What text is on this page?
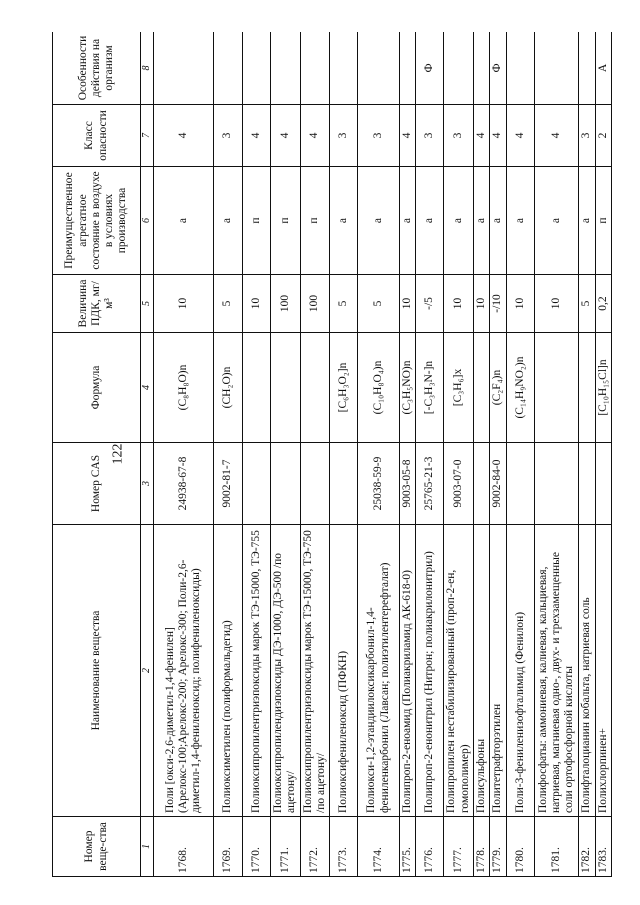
122
Номер веще-ства	Наименование вещества	Номер CAS	Формула	Величина ПДК, мг/м³	Преимущественное агрегатное состояние в воздухе в условиях производства	Класс опасности	Особенности действия на организм
1	2	3	4	5	6	7	8
1768.	Поли [окси-2,6-диметил-1,4-фенилен] (Арелокс-100;Арелокс-200; Арелокс-300; Поли-2,6-диметил-1,4-фениленоксид; полифениленоксиды)	24938-67-8	(C₈H₈O)n	10	а	4	
1769.	Полиоксиметилен (полиформальдегид)	9002-81-7	(CH₂O)n	5	а	3	
1770.	Полиоксипропилентриэпоксиды марок ТЭ-15000, ТЭ-755			10	п	4	
1771.	Полиоксипропилендиэпоксиды ДЭ-1000, ДЭ-500 /по ацетону/			100	п	4	
1772.	Полиоксипропилентриэпоксиды марок ТЭ-15000, ТЭ-750 /по ацетону/			100	п	4	
1773.	Полиоксифениленоксид (ПФКН)		[C₆H₃O₂]n	5	а	3	
1774.	Полиокси-1,2-этандиилоксикарбонил-1,4-фениленкарбонил (Лавсан; полиэтилентерефталат)	25038-59-9	(C₁₀H₈O₄)n	5	а	3	
1775.	Полипроп-2-еноамид (Полиакриламид АК-618-0)	9003-05-8	(C₃H₅NO)n	10	а	4	
1776.	Полипроп-2-енонитрил (Нитрон; полиакрилонитрил)	25765-21-3	[-C₃H₃N-]n	-/5	а	3	Ф
1777.	Полипропилен нестабилизированный (проп-2-ен, гомополимер)	9003-07-0	[C₃H₆]x	10	а	3	
1778.	Полисульфоны			10	а	4	
1779.	Политетрафторэтилен	9002-84-0	(C₂F₄)n	-/10	а	4	Ф
1780.	Поли-3-фениленизофталимид (Фенилон)		(C₁₄H₉NO₂)n	10	а	4	
1781.	Полифосфаты: аммониевая, калиевая, кальциевая, натриевая, магниевая одно-, двух- и трехзамещенные соли ортофосфорной кислоты			10	а	4	
1782.	Полифталоцианин кобальта, натриевая соль			5	а	3	
1783.	Полихлорпинен+		[C₁₀H₁₅Cl]n	0,2	п	2	А
